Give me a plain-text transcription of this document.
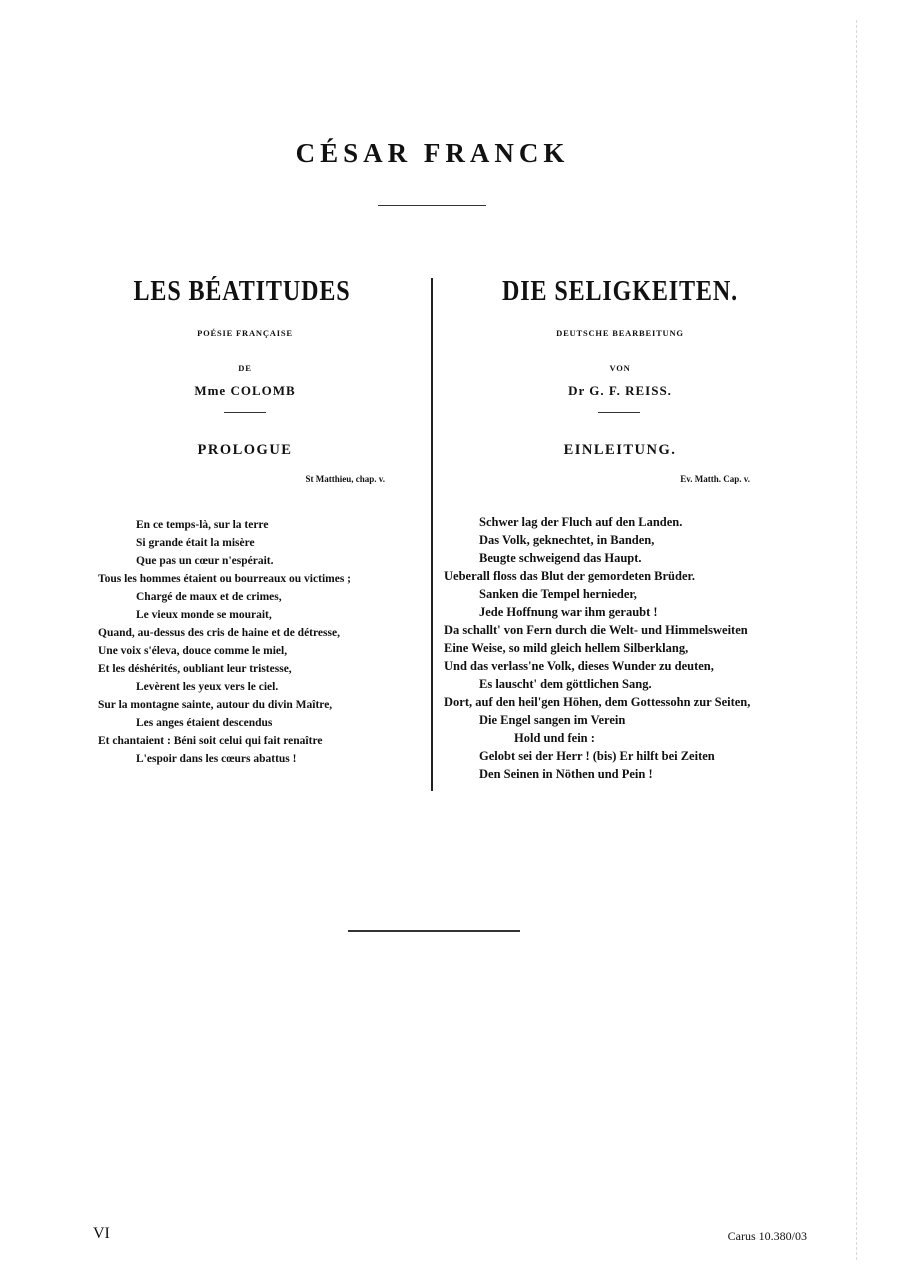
CÉSAR FRANCK
LES BÉATITUDES
POÉSIE FRANÇAISE
DE
Mme COLOMB
PROLOGUE
St Matthieu, chap. v.
En ce temps-là, sur la terre
Si grande était la misère
Que pas un cœur n'espérait.
Tous les hommes étaient ou bourreaux ou victimes ;
Chargé de maux et de crimes,
Le vieux monde se mourait,
Quand, au-dessus des cris de haine et de détresse,
Une voix s'éleva, douce comme le miel,
Et les déshérités, oubliant leur tristesse,
Levèrent les yeux vers le ciel.
Sur la montagne sainte, autour du divin Maître,
Les anges étaient descendus
Et chantaient : Béni soit celui qui fait renaître
L'espoir dans les cœurs abattus !
DIE SELIGKEITEN.
DEUTSCHE BEARBEITUNG
VON
Dr G. F. REISS.
EINLEITUNG.
Ev. Matth. Cap. v.
Schwer lag der Fluch auf den Landen.
Das Volk, geknechtet, in Banden,
Beugte schweigend das Haupt.
Ueberall floss das Blut der gemordeten Brüder.
Sanken die Tempel hernieder,
Jede Hoffnung war ihm geraubt !
Da schallt' von Fern durch die Welt- und Himmelsweiten
Eine Weise, so mild gleich hellem Silberklang,
Und das verlass'ne Volk, dieses Wunder zu deuten,
Es lauscht' dem göttlichen Sang.
Dort, auf den heil'gen Höhen, dem Gottessohn zur Seiten,
Die Engel sangen im Verein
Hold und fein :
Gelobt sei der Herr ! (bis) Er hilft bei Zeiten
Den Seinen in Nöthen und Pein !
VI	Carus 10.380/03
